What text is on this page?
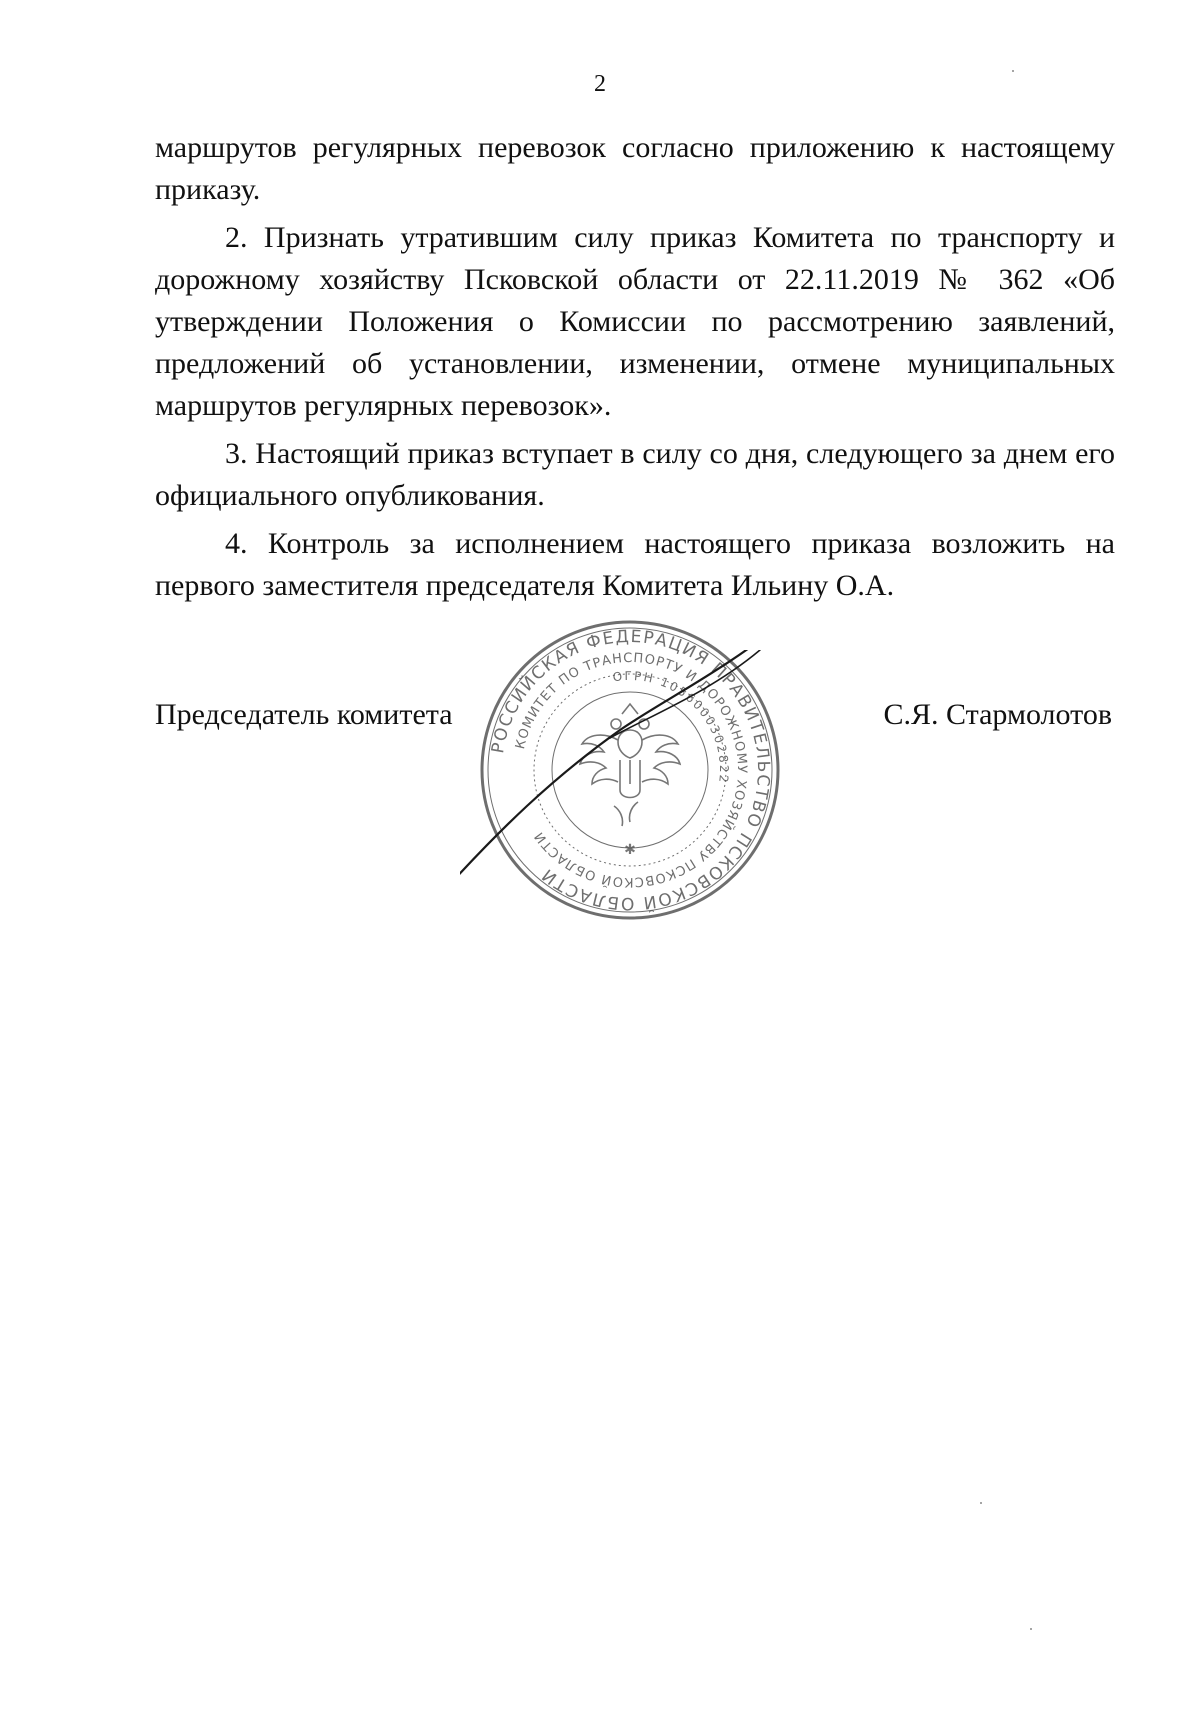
2

маршрутов регулярных перевозок согласно приложению к настоящему

приказу.

2. Признать утратившим силу приказ Комитета по транспорту и дорожному хозяйству Псковской области от 22.11.2019 № 362 «Об утверждении Положения о Комиссии по рассмотрению заявлений, предложений об установлении, изменении, отмене муниципальных маршрутов регулярных перевозок».

3. Настоящий приказ вступает в силу со дня, следующего за днем его официального опубликования.

4. Контроль за исполнением настоящего приказа возложить на первого заместителя председателя Комитета Ильину О.А.

Председатель комитета	С.Я. Стармолотов
РОССИЙСКАЯ ФЕДЕРАЦИЯ ПРАВИТЕЛЬСТВО ПСКОВСКОЙ ОБЛАСТИ
КОМИТЕТ ПО ТРАНСПОРТУ И ДОРОЖНОМУ ХОЗЯЙСТВУ ПСКОВСКОЙ ОБЛАСТИ
ОГРН 1056000302822
✱
